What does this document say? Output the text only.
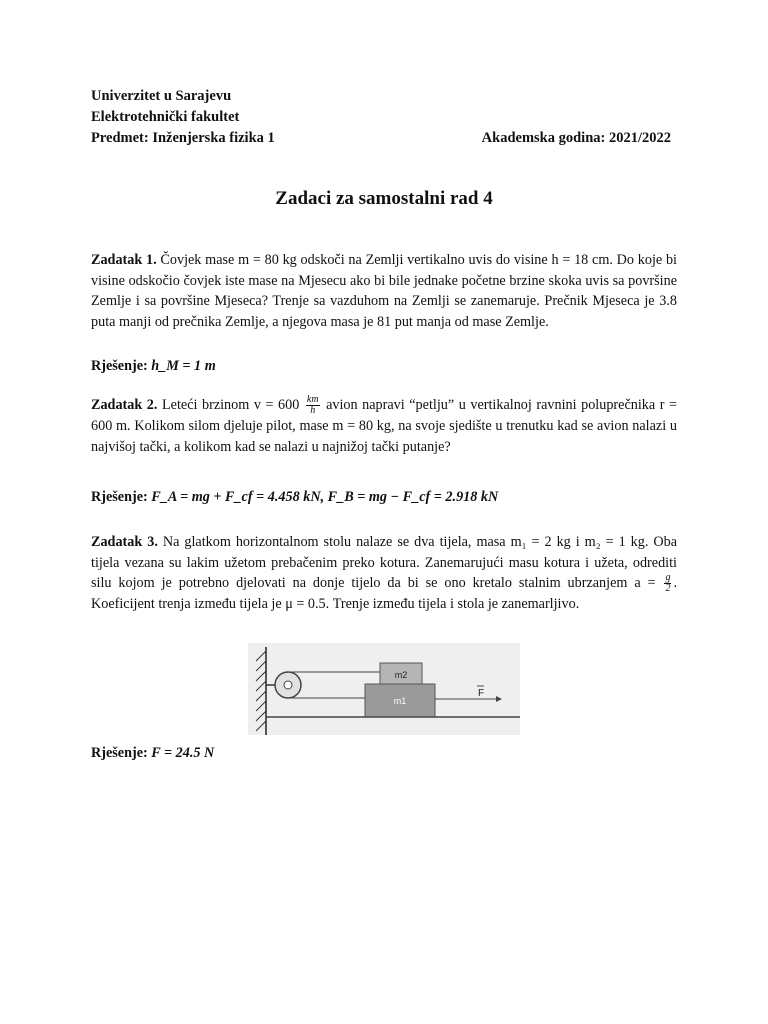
Univerzitet u Sarajevu
Elektrotehnički fakultet
Predmet: Inženjerska fizika 1	Akademska godina: 2021/2022
Zadaci za samostalni rad 4
Zadatak 1. Čovjek mase m = 80 kg odskoči na Zemlji vertikalno uvis do visine h = 18 cm. Do koje bi visine odskočio čovjek iste mase na Mjesecu ako bi bile jednake početne brzine skoka uvis sa površine Zemlje i sa površine Mjeseca? Trenje sa vazduhom na Zemlji se zanemaruje. Prečnik Mjeseca je 3.8 puta manji od prečnika Zemlje, a njegova masa je 81 put manja od mase Zemlje.
Rješenje: h_M = 1 m
Zadatak 2. Leteći brzinom $v = 600 \frac{km}{h}$ avion napravi “petlju” u vertikalnoj ravnini poluprečnika r = 600 m. Kolikom silom djeluje pilot, mase m = 80 kg, na svoje sjedište u trenutku kad se avion nalazi u najvišoj tački, a kolikom kad se nalazi u najnižoj tački putanje?
Rješenje: F_A = mg + F_cf = 4.458 kN, F_B = mg − F_cf = 2.918 kN
Zadatak 3. Na glatkom horizontalnom stolu nalaze se dva tijela, masa m₁ = 2 kg i m₂ = 1 kg. Oba tijela vezana su lakim užetom prebačenim preko kotura. Zanemarujući masu kotura i užeta, odrediti silu kojom je potrebno djelovati na donje tijelo da bi se ono kretalo stalnim ubrzanjem $a = \frac{g}{2}$ . Koeficijent trenja između tijela je μ = 0.5. Trenje između tijela i stola je zanemarljivo.
m2
m1
F
Rješenje: F = 24.5 N
